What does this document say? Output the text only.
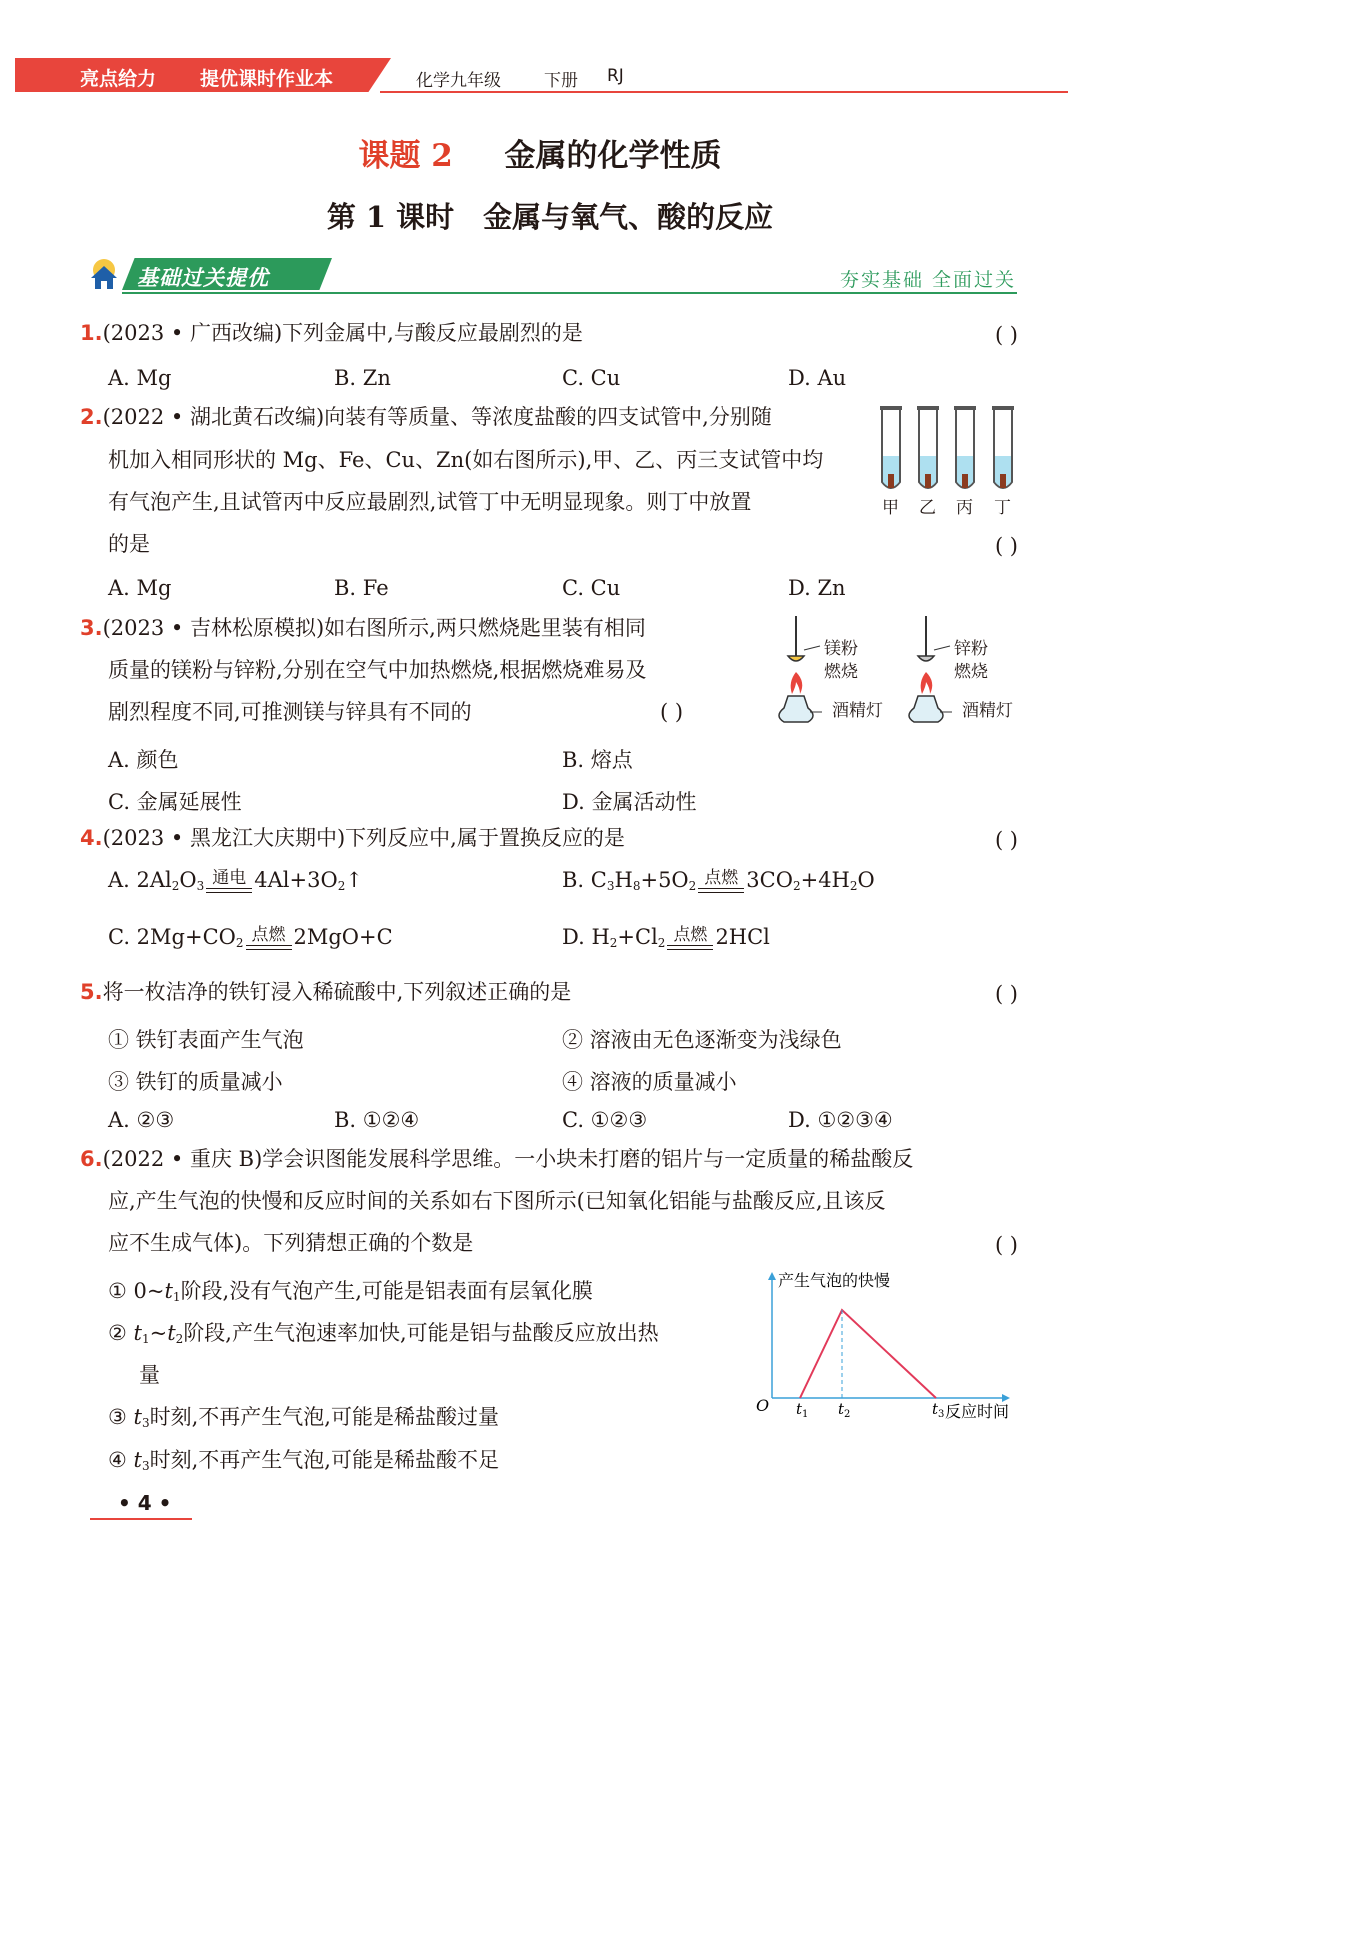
亮点给力 提优课时作业本	化学九年级	下册 RJ
课题 2 金属的化学性质
第 1 课时　金属与氧气、酸的反应
基础过关提优	夯实基础 全面过关
1.(2023 • 广西改编)下列金属中,与酸反应最剧烈的是	( )
A. Mg	B. Zn	C. Cu	D. Au
2.(2022 • 湖北黄石改编)向装有等质量、等浓度盐酸的四支试管中,分别随
机加入相同形状的 Mg、Fe、Cu、Zn(如右图所示),甲、乙、丙三支试管中均
有气泡产生,且试管丙中反应最剧烈,试管丁中无明显现象。则丁中放置
的是	( )
A. Mg	B. Fe	C. Cu	D. Zn
甲 乙 丙 丁
3.(2023 • 吉林松原模拟)如右图所示,两只燃烧匙里装有相同
质量的镁粉与锌粉,分别在空气中加热燃烧,根据燃烧难易及
剧烈程度不同,可推测镁与锌具有不同的	( )
A. 颜色	B. 熔点
C. 金属延展性	D. 金属活动性
镁粉
燃烧
酒精灯
锌粉
燃烧
酒精灯
4.(2023 • 黑龙江大庆期中)下列反应中,属于置换反应的是	( )
A. $2Al_2O_3$ 通电 $4Al+3O_2↑$	B. $C_3H_8+5O_2$ 点燃 $3CO_2+4H_2O$
C. $2Mg+CO_2$ 点燃 2MgO+C	D. $H_2+Cl_2$ 点燃 2HCl
5.将一枚洁净的铁钉浸入稀硫酸中,下列叙述正确的是	( )
① 铁钉表面产生气泡	② 溶液由无色逐渐变为浅绿色
③ 铁钉的质量减小	④ 溶液的质量减小
A. ②③	B. ①②④	C. ①②③	D. ①②③④
6.(2022 • 重庆 B)学会识图能发展科学思维。一小块未打磨的铝片与一定质量的稀盐酸反
应,产生气泡的快慢和反应时间的关系如右下图所示(已知氧化铝能与盐酸反应,且该反
应不生成气体)。下列猜想正确的个数是	( )
① $0\sim t_1$阶段,没有气泡产生,可能是铝表面有层氧化膜
② $t_1\sim t_2$阶段,产生气泡速率加快,可能是铝与盐酸反应放出热
量
③ $t_3$时刻,不再产生气泡,可能是稀盐酸过量
④ $t_3$时刻,不再产生气泡,可能是稀盐酸不足
$t_1$ $t_2$	$t_3$
O
产生气泡的快慢
反应时间
• 4 •
